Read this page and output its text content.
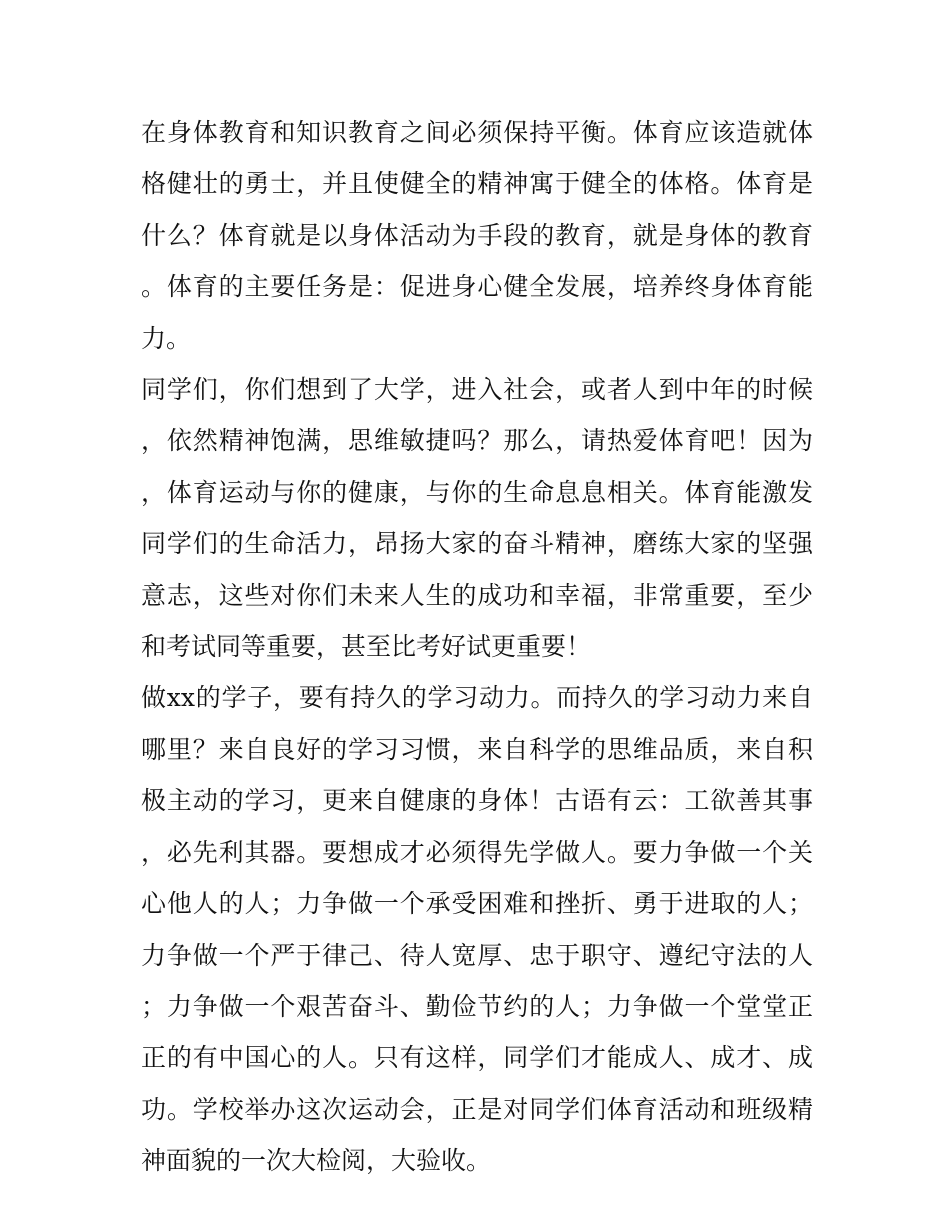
在身体教育和知识教育之间必须保持平衡。体育应该造就体格健壮的勇士，并且使健全的精神寓于健全的体格。体育是什么？体育就是以身体活动为手段的教育，就是身体的教育。体育的主要任务是：促进身心健全发展，培养终身体育能力。

同学们，你们想到了大学，进入社会，或者人到中年的时候，依然精神饱满，思维敏捷吗？那么，请热爱体育吧！因为，体育运动与你的健康，与你的生命息息相关。体育能激发同学们的生命活力，昂扬大家的奋斗精神，磨练大家的坚强意志，这些对你们未来人生的成功和幸福，非常重要，至少和考试同等重要，甚至比考好试更重要！

做xx的学子，要有持久的学习动力。而持久的学习动力来自哪里？来自良好的学习习惯，来自科学的思维品质，来自积极主动的学习，更来自健康的身体！古语有云：工欲善其事，必先利其器。要想成才必须得先学做人。要力争做一个关心他人的人；力争做一个承受困难和挫折、勇于进取的人；力争做一个严于律己、待人宽厚、忠于职守、遵纪守法的人；力争做一个艰苦奋斗、勤俭节约的人；力争做一个堂堂正正的有中国心的人。只有这样，同学们才能成人、成才、成功。学校举办这次运动会，正是对同学们体育活动和班级精神面貌的一次大检阅，大验收。
